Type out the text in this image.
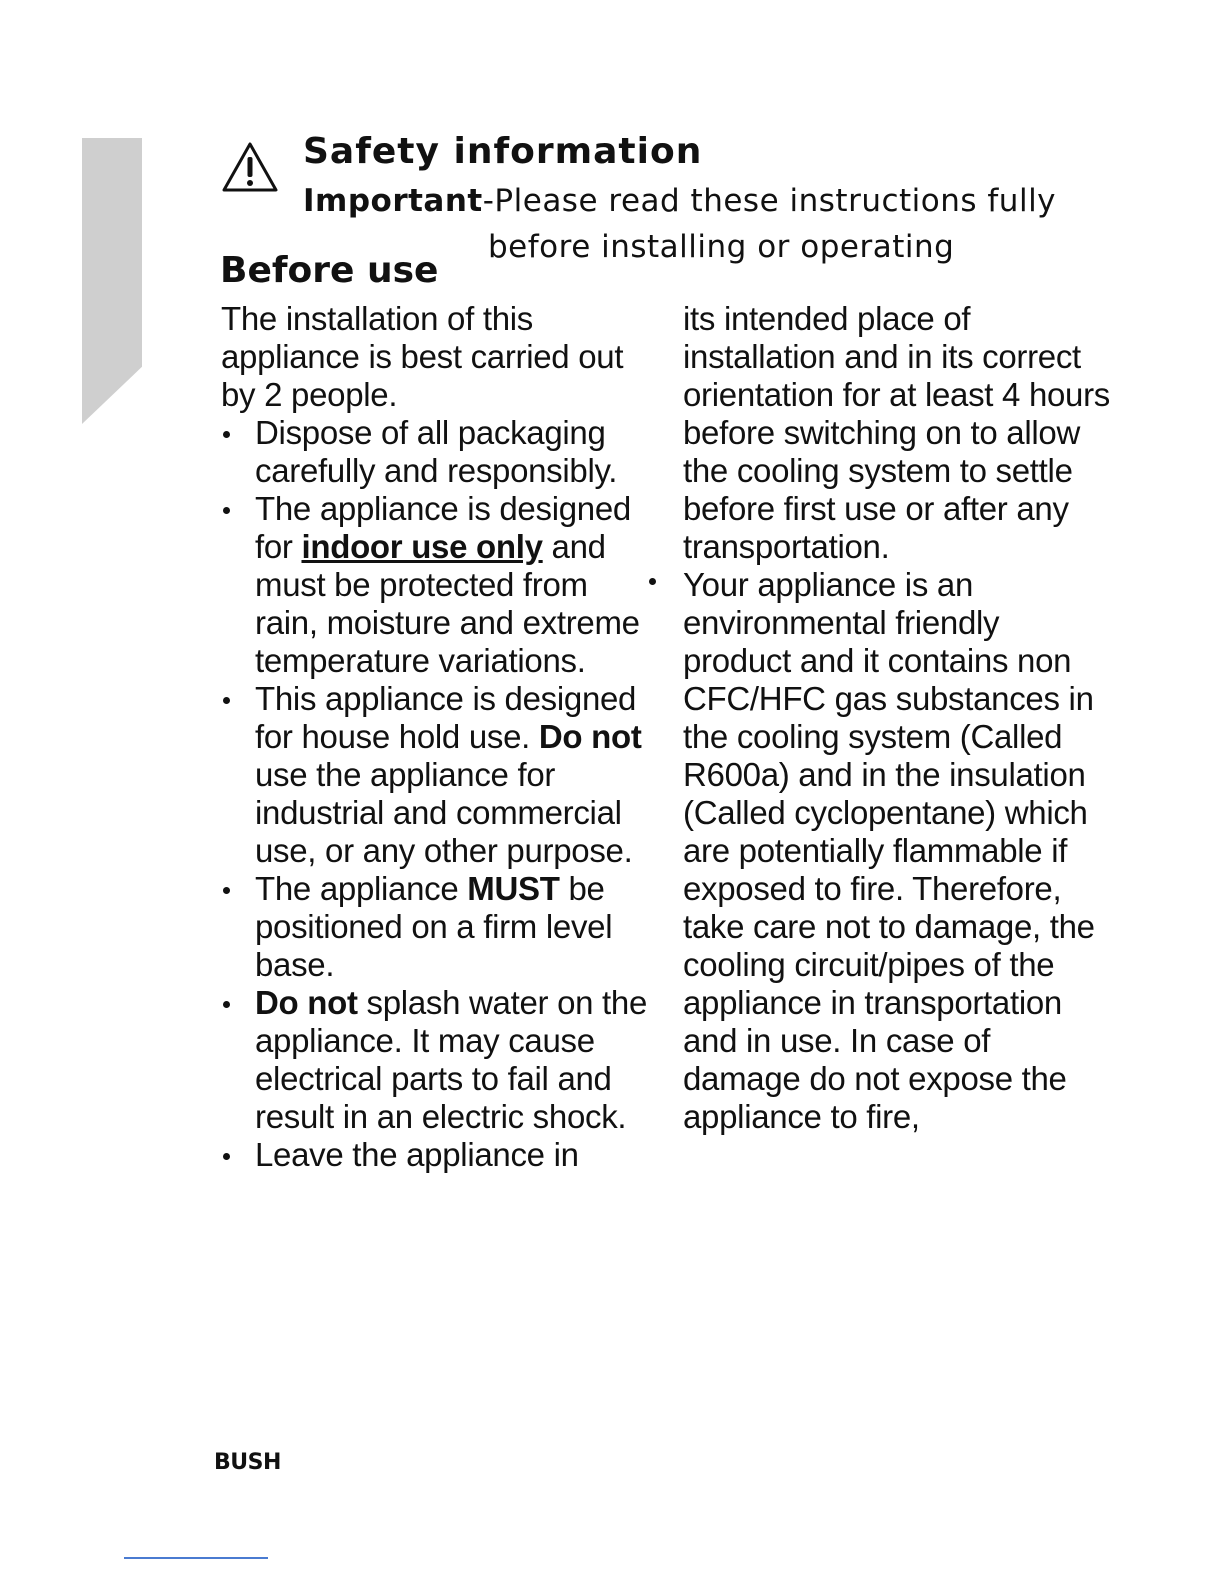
Safety information

Important-Please read these instructions fully

before installing or operating

Before use

The installation of this appliance is best carried out by 2 people.

Dispose of all packaging carefully and responsibly.
The appliance is designed for indoor use only and must be protected from rain, moisture and extreme temperature variations.
This appliance is designed for house hold use. Do not use the appliance for industrial and commercial use, or any other purpose.
The appliance MUST be positioned on a firm level base.
Do not splash water on the appliance. It may cause electrical parts to fail and result in an electric shock.
Leave the appliance in

its intended place of installation and in its correct orientation for at least 4 hours before switching on to allow the cooling system to settle before first use or after any transportation.

Your appliance is an environmental friendly product and it contains non CFC/HFC gas substances in the cooling system (Called R600a) and in the insulation (Called cyclopentane) which are potentially flammable if exposed to fire. Therefore, take care not to damage, the cooling circuit/pipes of the appliance in transportation and in use. In case of damage do not expose the appliance to fire,
BUSH
